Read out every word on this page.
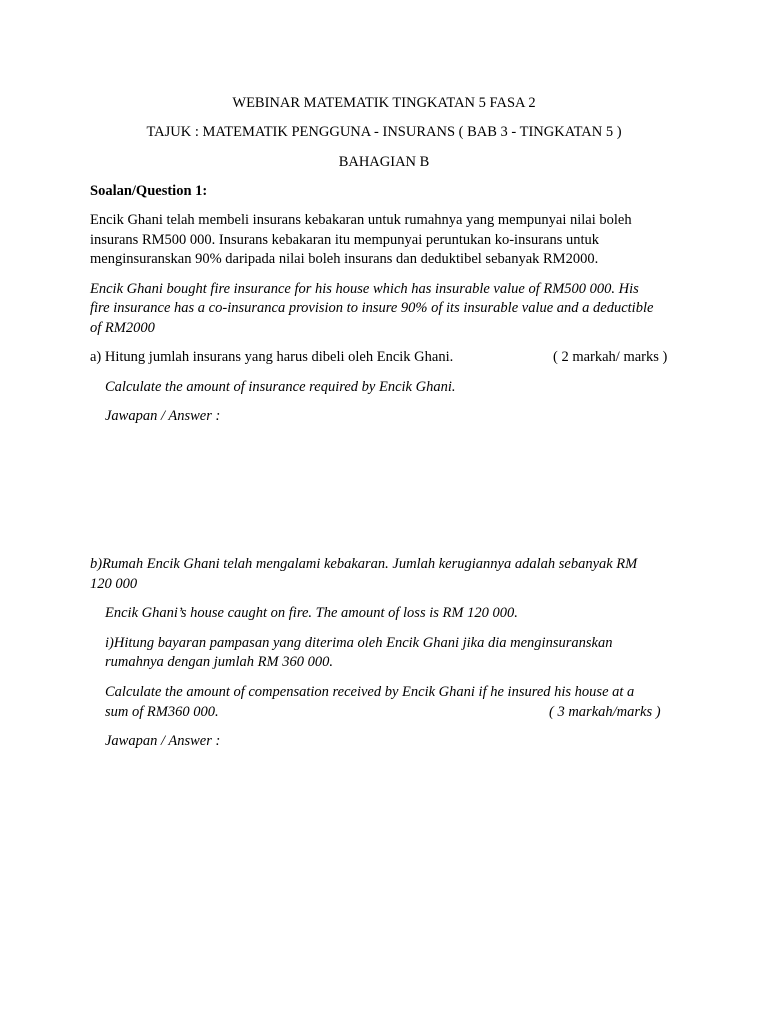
WEBINAR MATEMATIK TINGKATAN 5 FASA 2
TAJUK : MATEMATIK PENGGUNA - INSURANS ( BAB 3 - TINGKATAN 5 )
BAHAGIAN B
Soalan/Question 1:
Encik Ghani telah membeli insurans kebakaran untuk rumahnya yang mempunyai nilai boleh
insurans RM500 000. Insurans kebakaran itu mempunyai peruntukan ko-insurans untuk
menginsuranskan 90% daripada nilai boleh insurans dan deduktibel sebanyak RM2000.
Encik Ghani bought fire insurance for his house which has insurable value of RM500 000. His
fire insurance has a co-insuranca provision to insure 90% of its insurable value and a deductible
of RM2000
a) Hitung jumlah insurans yang harus dibeli oleh Encik Ghani.	( 2 markah/ marks )
Calculate the amount of insurance required by Encik Ghani.
Jawapan / Answer :
b)Rumah Encik Ghani telah mengalami kebakaran. Jumlah kerugiannya adalah sebanyak RM
120 000
Encik Ghani’s house caught on fire. The amount of loss is RM 120 000.
i)Hitung bayaran pampasan yang diterima oleh Encik Ghani jika dia menginsuranskan
rumahnya dengan jumlah RM 360 000.
Calculate the amount of compensation received by Encik Ghani if he insured his house at a
sum of RM360 000.	( 3 markah/marks )
Jawapan / Answer :
